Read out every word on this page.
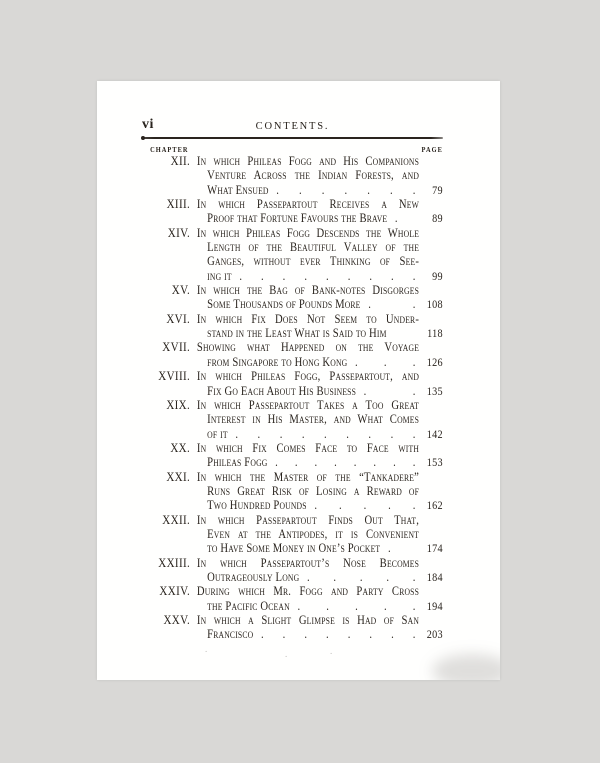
vi	CONTENTS.
CHAPTER	PAGE
XII. In which Phileas Fogg and His Companions
Venture Across the Indian Forests, and
What Ensued . . . . . . .	79
XIII. In which Passepartout Receives a New
Proof that Fortune Favours the Brave .	89
XIV. In which Phileas Fogg Descends the Whole
Length of the Beautiful Valley of the
Ganges, without ever Thinking of See-
ing it . . . . . . . . .	99
XV. In which the Bag of Bank-notes Disgorges
Some Thousands of Pounds More .	. 108
XVI. In which Fix Does Not Seem to Under-
stand in the Least What is Said to Him	118
XVII. Showing what Happened on the Voyage
from Singapore to Hong Kong . . . 126
XVIII. In which Phileas Fogg, Passepartout, and
Fix Go Each About His Business .	. 135
XIX. In which Passepartout Takes a Too Great
Interest in His Master, and What Comes
of it . . . . . . . . . 142
XX. In which Fix Comes Face to Face with
Phileas Fogg . . . . . . . . 153
XXI. In which the Master of the “Tankadere”
Runs Great Risk of Losing a Reward of
Two Hundred Pounds . . . . . 162
XXII. In which Passepartout Finds Out That,
Even at the Antipodes, it is Convenient
to Have Some Money in One’s Pocket .	174
XXIII. In which Passepartout’s Nose Becomes
Outrageously Long . . . . . 184
XXIV. During which Mr. Fogg and Party Cross
the Pacific Ocean . . . . . 194
XXV. In which a Slight Glimpse is Had of San
Francisco . . . . . . . . 203
.	.	.
